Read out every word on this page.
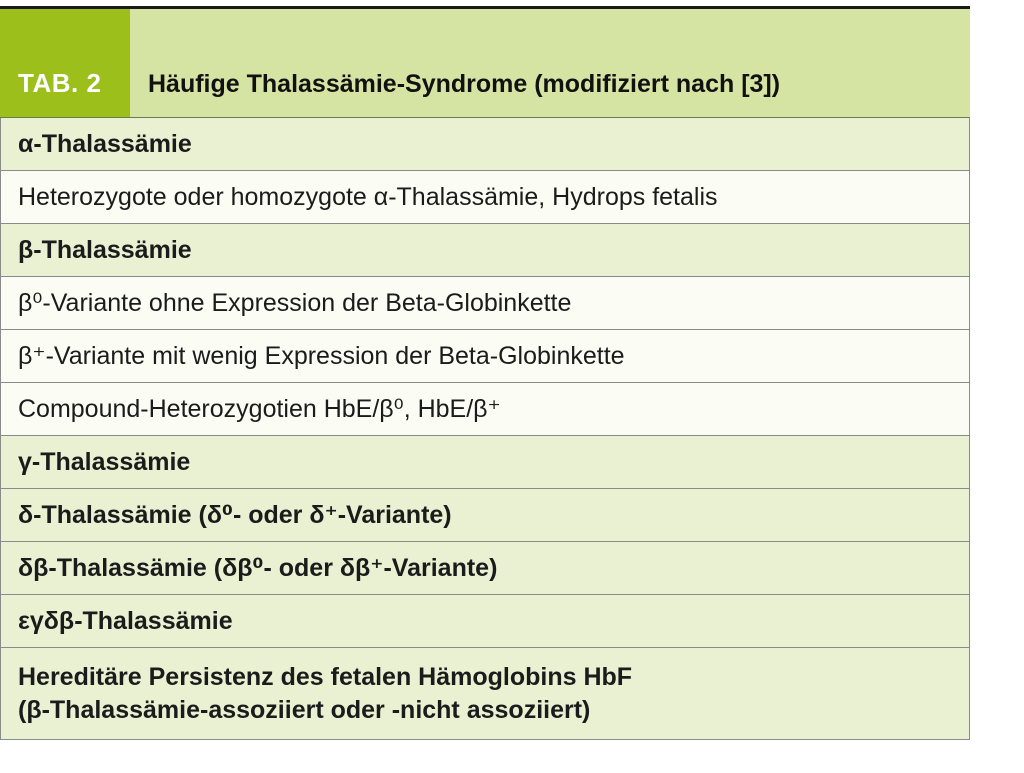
TAB. 2	Häufige Thalassämie-Syndrome (modifiziert nach [3])
α-Thalassämie
Heterozygote oder homozygote α-Thalassämie, Hydrops fetalis
β-Thalassämie
β⁰-Variante ohne Expression der Beta-Globinkette
β⁺-Variante mit wenig Expression der Beta-Globinkette
Compound-Heterozygotien HbE/β⁰, HbE/β⁺
γ-Thalassämie
δ-Thalassämie (δ⁰- oder δ⁺-Variante)
δβ-Thalassämie (δβ⁰- oder δβ⁺-Variante)
εγδβ-Thalassämie
Hereditäre Persistenz des fetalen Hämoglobins HbF
(β-Thalassämie-assoziiert oder -nicht assoziiert)
